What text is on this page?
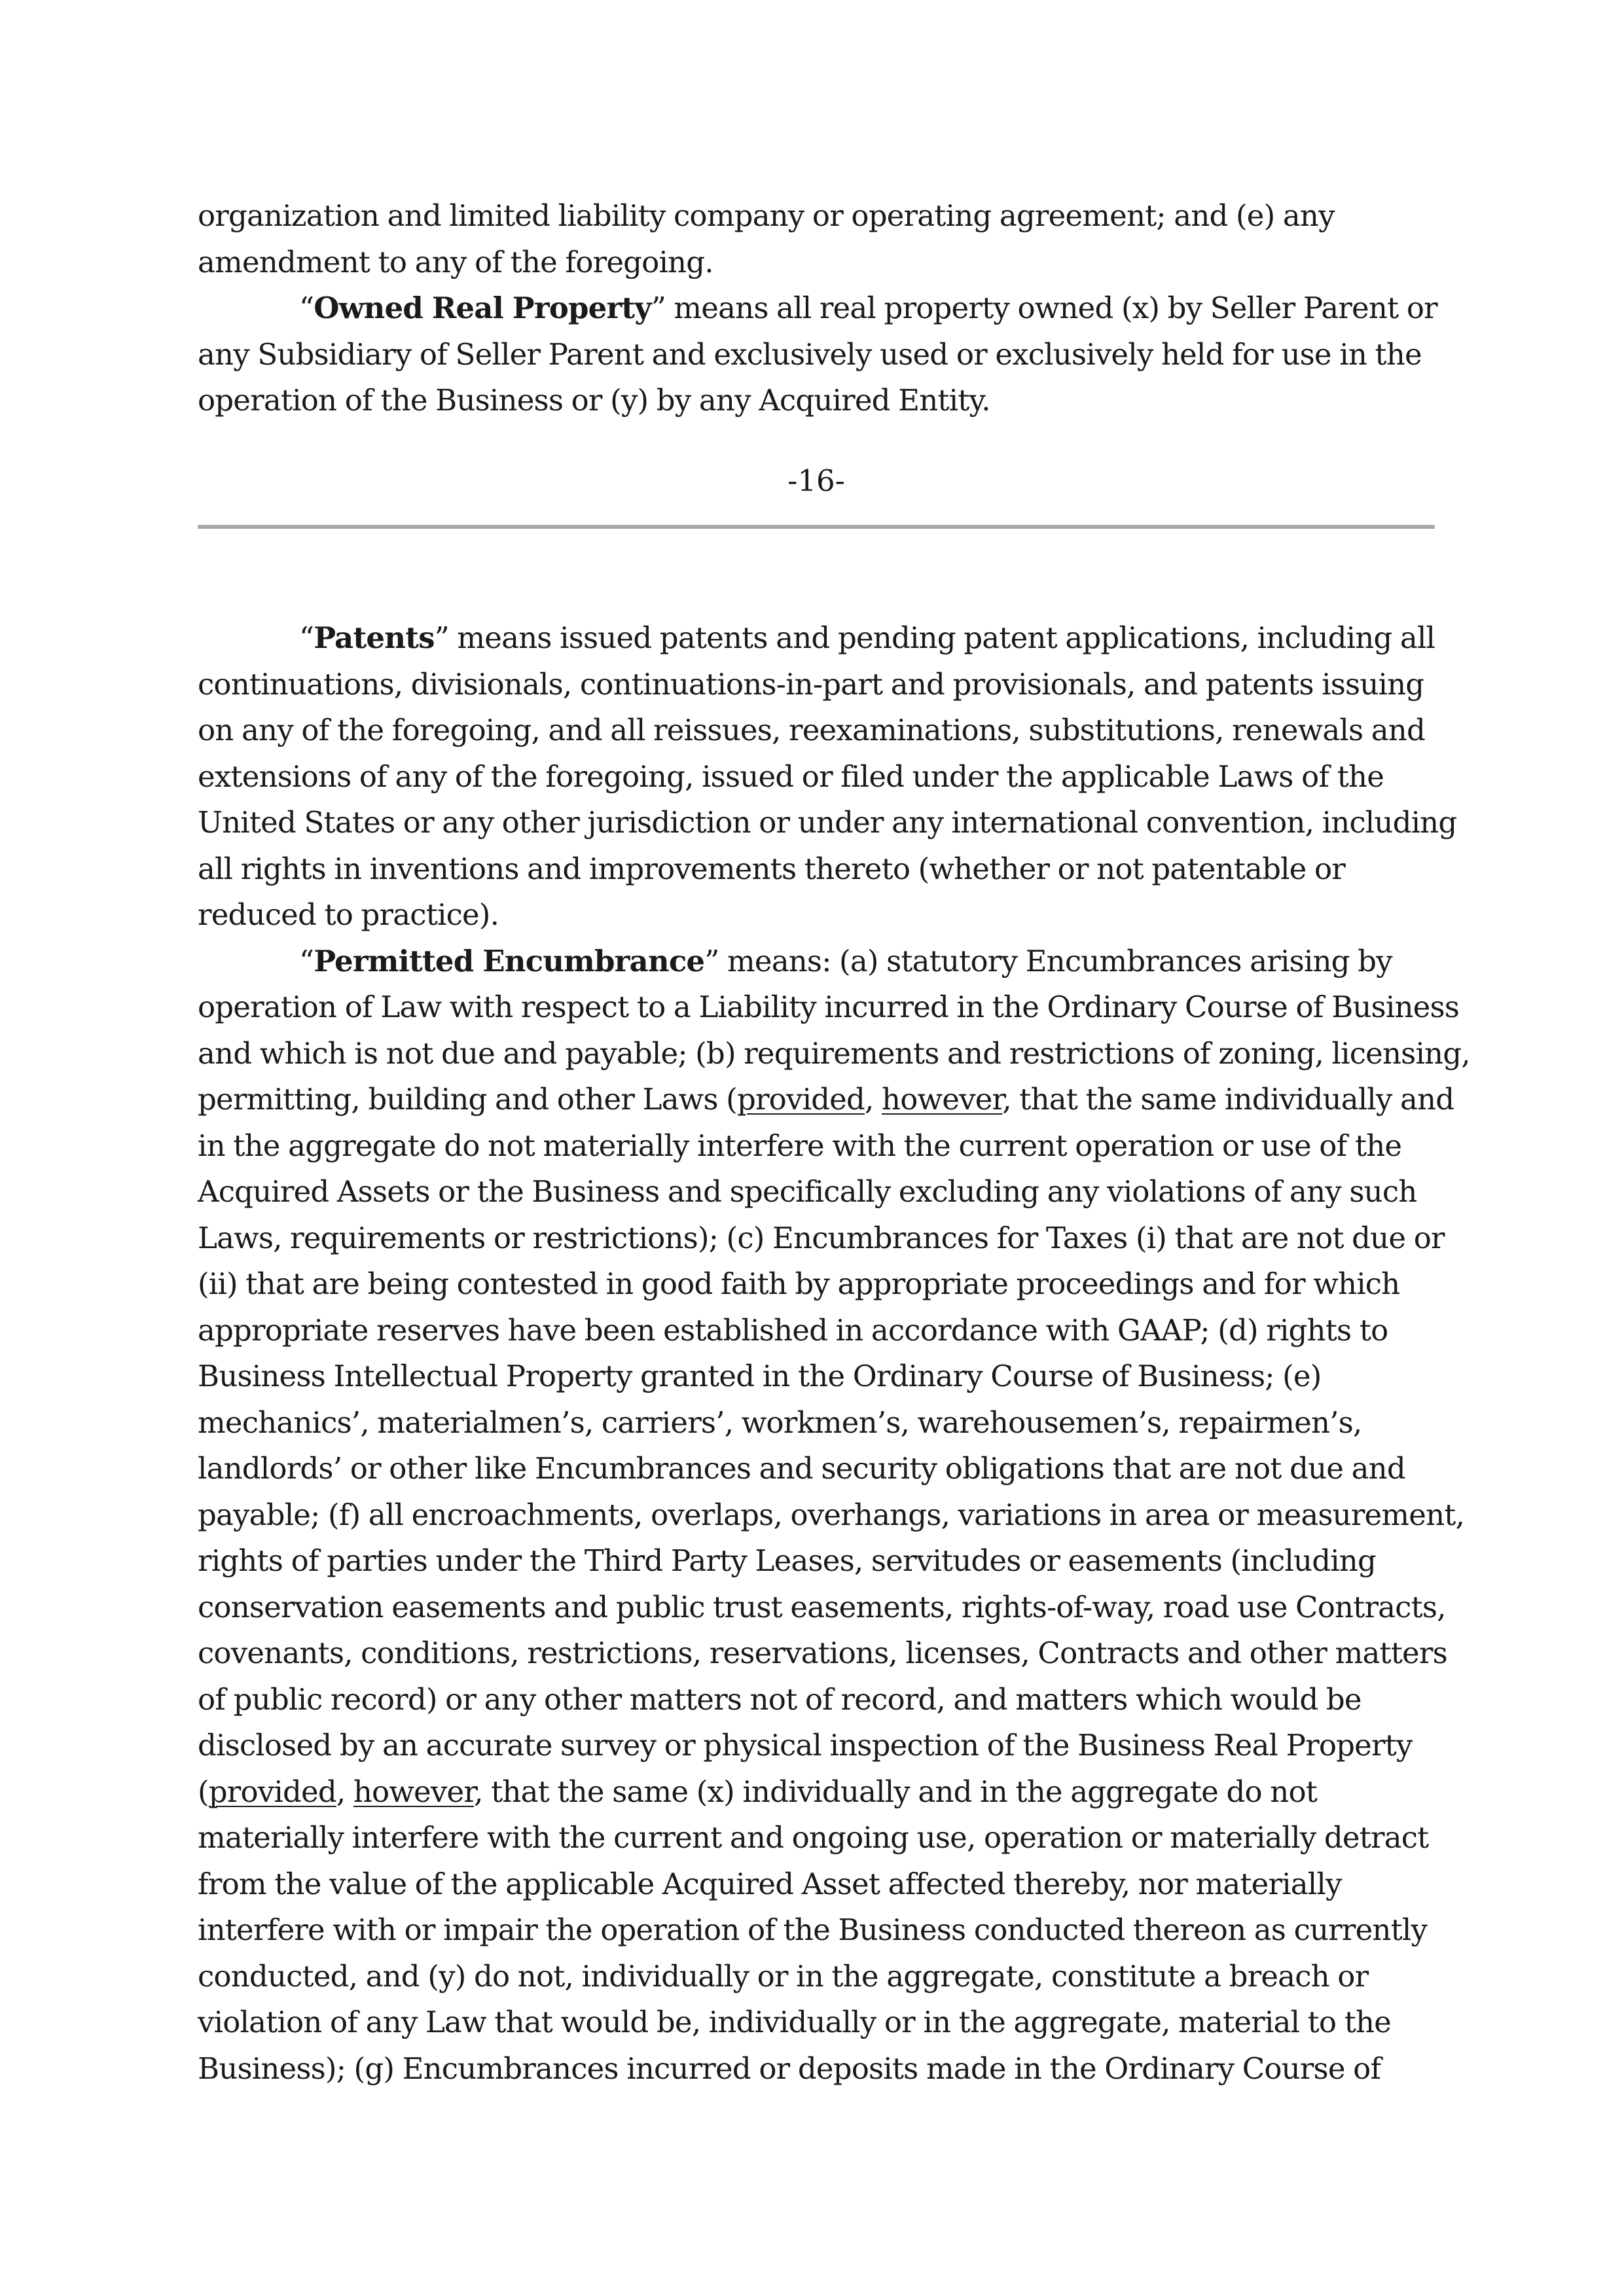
organization and limited liability company or operating agreement; and (e) any
amendment to any of the foregoing.
“Owned Real Property” means all real property owned (x) by Seller Parent or
any Subsidiary of Seller Parent and exclusively used or exclusively held for use in the
operation of the Business or (y) by any Acquired Entity.
-16-
“Patents” means issued patents and pending patent applications, including all
continuations, divisionals, continuations-in-part and provisionals, and patents issuing
on any of the foregoing, and all reissues, reexaminations, substitutions, renewals and
extensions of any of the foregoing, issued or filed under the applicable Laws of the
United States or any other jurisdiction or under any international convention, including
all rights in inventions and improvements thereto (whether or not patentable or
reduced to practice).
“Permitted Encumbrance” means: (a) statutory Encumbrances arising by
operation of Law with respect to a Liability incurred in the Ordinary Course of Business
and which is not due and payable; (b) requirements and restrictions of zoning, licensing,
permitting, building and other Laws (provided, however, that the same individually and
in the aggregate do not materially interfere with the current operation or use of the
Acquired Assets or the Business and specifically excluding any violations of any such
Laws, requirements or restrictions); (c) Encumbrances for Taxes (i) that are not due or
(ii) that are being contested in good faith by appropriate proceedings and for which
appropriate reserves have been established in accordance with GAAP; (d) rights to
Business Intellectual Property granted in the Ordinary Course of Business; (e)
mechanics’, materialmen’s, carriers’, workmen’s, warehousemen’s, repairmen’s,
landlords’ or other like Encumbrances and security obligations that are not due and
payable; (f) all encroachments, overlaps, overhangs, variations in area or measurement,
rights of parties under the Third Party Leases, servitudes or easements (including
conservation easements and public trust easements, rights-of-way, road use Contracts,
covenants, conditions, restrictions, reservations, licenses, Contracts and other matters
of public record) or any other matters not of record, and matters which would be
disclosed by an accurate survey or physical inspection of the Business Real Property
(provided, however, that the same (x) individually and in the aggregate do not
materially interfere with the current and ongoing use, operation or materially detract
from the value of the applicable Acquired Asset affected thereby, nor materially
interfere with or impair the operation of the Business conducted thereon as currently
conducted, and (y) do not, individually or in the aggregate, constitute a breach or
violation of any Law that would be, individually or in the aggregate, material to the
Business); (g) Encumbrances incurred or deposits made in the Ordinary Course of
